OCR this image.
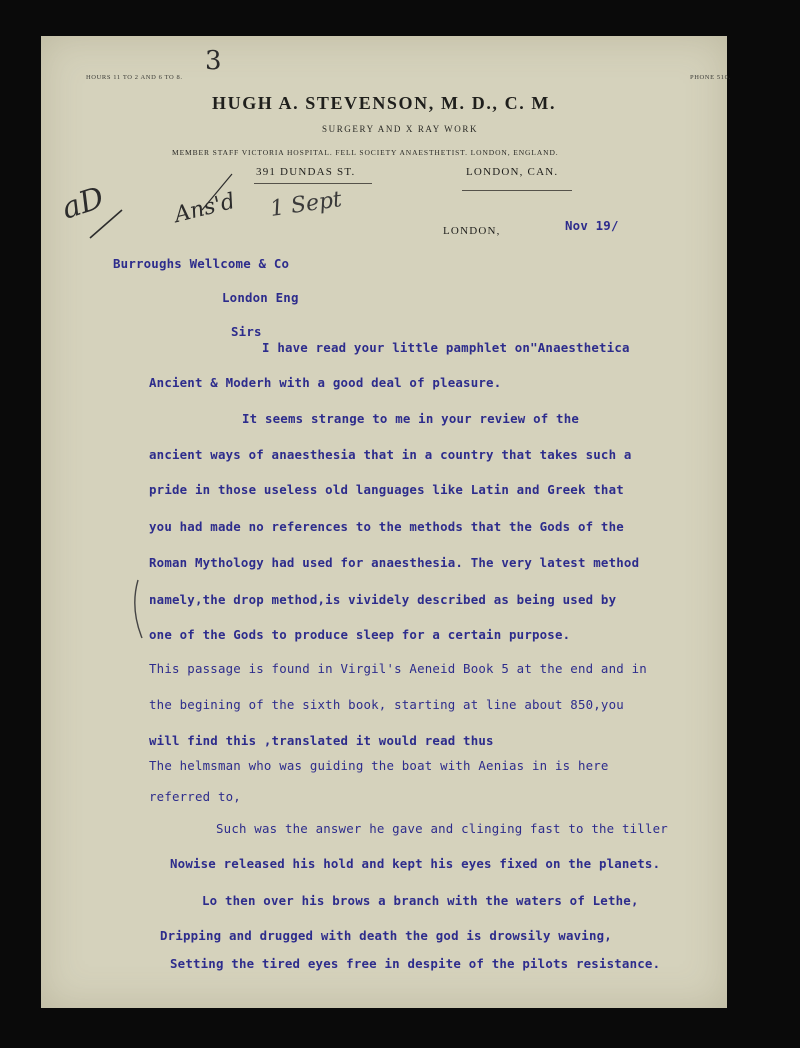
HOURS 11 TO 2 AND 6 TO 8.	PHONE 510.
3
HUGH A. STEVENSON, M. D., C. M.
SURGERY AND X RAY WORK
MEMBER STAFF VICTORIA HOSPITAL. FELL SOCIETY ANAESTHETIST. LONDON, ENGLAND.
391 DUNDAS ST.	LONDON, CAN.
LONDON,
aD	Ans'd 1 Sept
Nov 19/
Burroughs Wellcome & Co
London Eng
Sirs
I have read your little pamphlet on"Anaesthetica
Ancient & Moderh with a good deal of pleasure.
It seems strange to me in your review of the
ancient ways of anaesthesia that in a country that takes such a
pride in those useless old languages like Latin and Greek that
you had made no references to the methods that the Gods of the
Roman Mythology had used for anaesthesia. The very latest method
namely,the drop method,is vividely described as being used by
one of the Gods to produce sleep for a certain purpose.
This passage is found in Virgil's Aeneid Book 5 at the end and in
the begining of the sixth book, starting at line about 850,you
will find this ,translated it would read thus
The helmsman who was guiding the boat with Aenias in is here
referred to,
Such was the answer he gave and clinging fast to the tiller
Nowise released his hold and kept his eyes fixed on the planets.
Lo then over his brows a branch with the waters of Lethe,
Dripping and drugged with death the god is drowsily waving,
Setting the tired eyes free in despite of the pilots resistance.
